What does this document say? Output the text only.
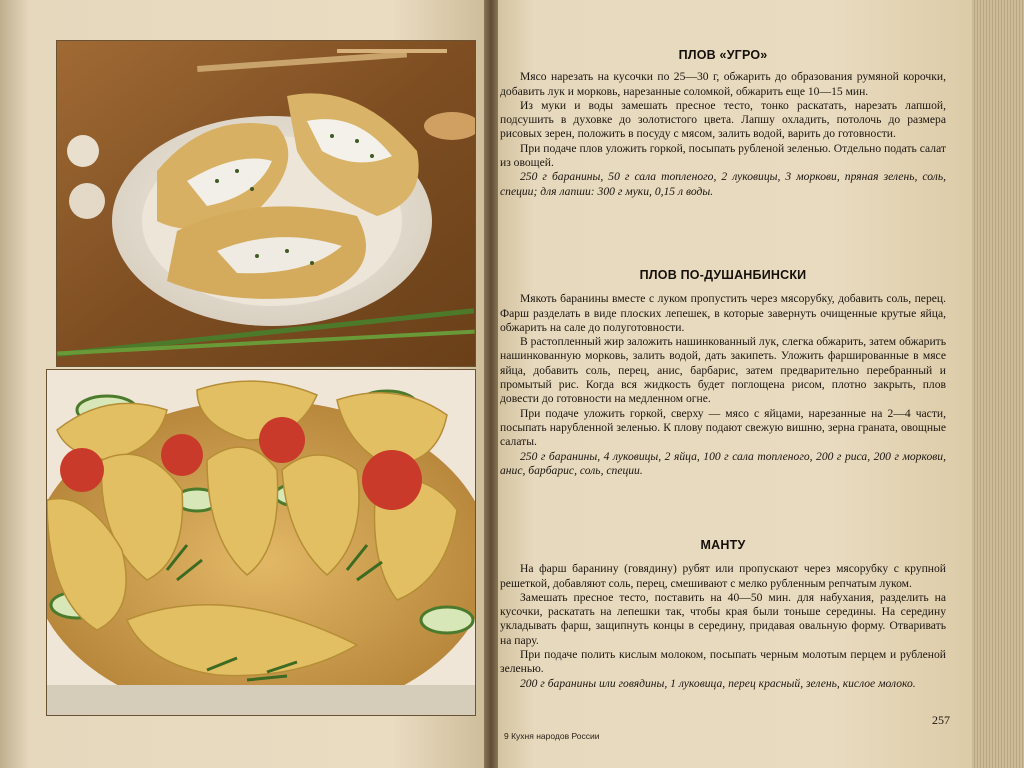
ПЛОВ «УГРО»

Мясо нарезать на кусочки по 25—30 г, обжарить до образования румяной корочки, добавить лук и морковь, нарезанные соломкой, обжарить еще 10—15 мин.

Из муки и воды замешать пресное тесто, тонко раскатать, нарезать лапшой, подсушить в духовке до золотистого цвета. Лапшу охладить, потолочь до размера рисовых зерен, положить в посуду с мясом, залить водой, варить до готовности.

При подаче плов уложить горкой, посыпать рубленой зеленью. Отдельно подать салат из овощей.

250 г баранины, 50 г сала топленого, 2 луковицы, 3 моркови, пряная зелень, соль, специи; для лапши: 300 г муки, 0,15 л воды.

ПЛОВ ПО-ДУШАНБИНСКИ

Мякоть баранины вместе с луком пропустить через мясорубку, добавить соль, перец. Фарш разделать в виде плоских лепешек, в которые завернуть очищенные крутые яйца, обжарить на сале до полуготовности.

В растопленный жир заложить нашинкованный лук, слегка обжарить, затем обжарить нашинкованную морковь, залить водой, дать закипеть. Уложить фаршированные в мясе яйца, добавить соль, перец, анис, барбарис, затем предварительно перебранный и промытый рис. Когда вся жидкость будет поглощена рисом, плотно закрыть, плов довести до готовности на медленном огне.

При подаче уложить горкой, сверху — мясо с яйцами, нарезанные на 2—4 части, посыпать нарубленной зеленью. К плову подают свежую вишню, зерна граната, овощные салаты.

250 г баранины, 4 луковицы, 2 яйца, 100 г сала топленого, 200 г риса, 200 г моркови, анис, барбарис, соль, специи.

МАНТУ

На фарш баранину (говядину) рубят или пропускают через мясорубку с крупной решеткой, добавляют соль, перец, смешивают с мелко рубленным репчатым луком.

Замешать пресное тесто, поставить на 40—50 мин. для набухания, разделить на кусочки, раскатать на лепешки так, чтобы края были тоньше середины. На середину укладывать фарш, защипнуть концы в середину, придавая овальную форму. Отваривать на пару.

При подаче полить кислым молоком, посыпать черным молотым перцем и рубленой зеленью.

200 г баранины или говядины, 1 луковица, перец красный, зелень, кислое молоко.

257
9 Кухня народов России
